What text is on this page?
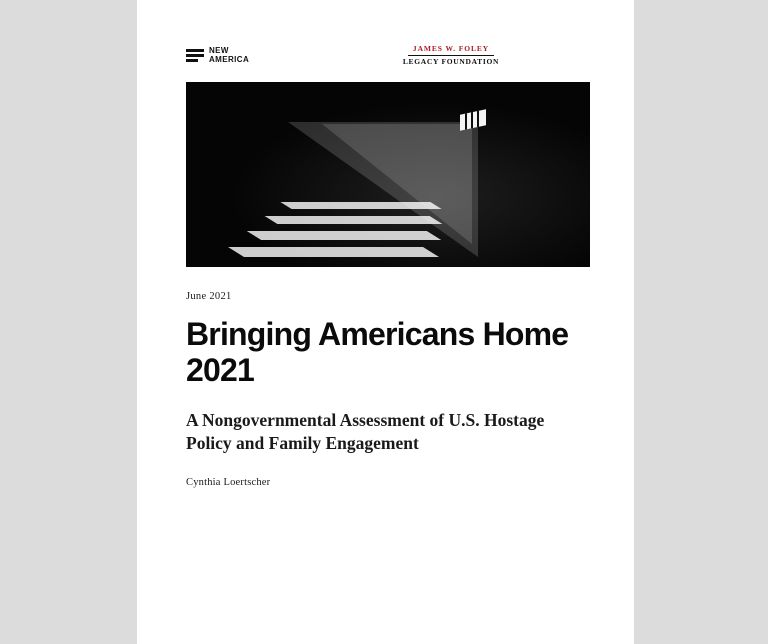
NEW
AMERICA
JAMES W. FOLEY
LEGACY FOUNDATION
June 2021
Bringing Americans Home 2021
A Nongovernmental Assessment of U.S. Hostage Policy and Family Engagement
Cynthia Loertscher
